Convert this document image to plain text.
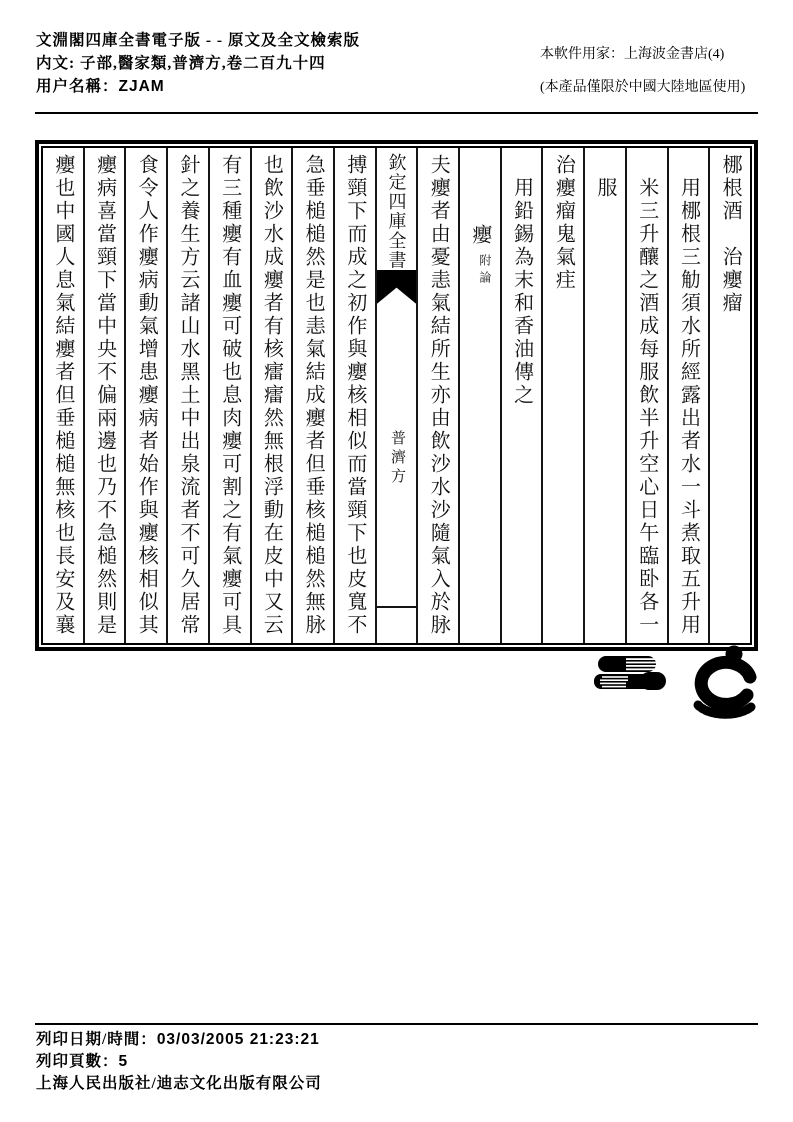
文淵閣四庫全書電子版 - - 原文及全文檢索版
内文: 子部,醫家類,普濟方,卷二百九十四
用户名稱：ZJAM
本軟件用家：上海波金書店(4)
(本產品僅限於中國大陸地區使用)
梛根酒　治癭瘤
用梛根三觔須水所經露出者水一斗煮取五升用
米三升釀之酒成每服飲半升空心日午臨卧各一
服
治癭瘤鬼氣疰
用鉛錫為末和香油傳之
癭$_{附論}$
夫癭者由憂恚氣結所生亦由飲沙水沙隨氣入於脉
欽定四庫全書
普濟方
搏頸下而成之初作與癭核相似而當頸下也皮寬不
急垂槌槌然是也恚氣結成癭者但垂核槌槌然無脉
也飲沙水成癭者有核癗癗然無根浮動在皮中又云
有三種癭有血癭可破也息肉癭可割之有氣癭可具
針之養生方云諸山水黑土中出泉流者不可久居常
食令人作癭病動氣增患癭病者始作與癭核相似其
癭病喜當頸下當中央不偏兩邊也乃不急槌然則是
癭也中國人息氣結癭者但垂槌槌無核也長安及襄
列印日期/時間：03/03/2005 21:23:21
列印頁數：5
上海人民出版社/迪志文化出版有限公司
